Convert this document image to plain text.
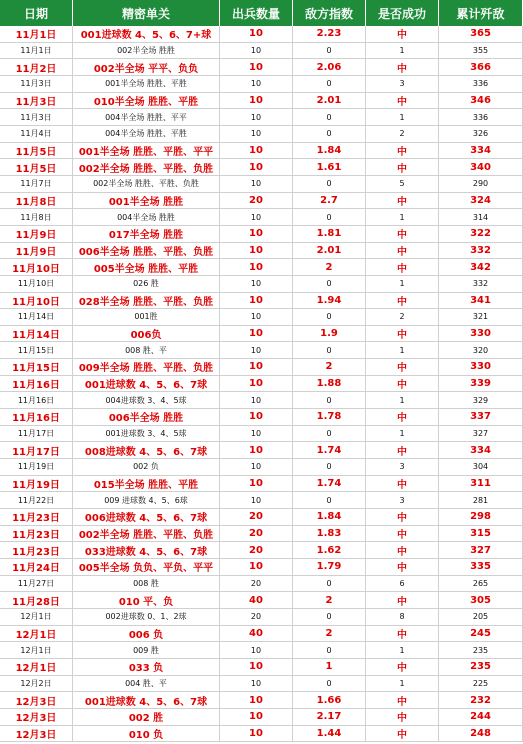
日期	精密单关	出兵数量	敌方指数	是否成功	累计歼敌
11月1日	001进球数 4、5、6、7+球	10	2.23	中	365
11月1日	002半全场 胜胜	10	0	1	355
11月2日	002半全场 平平、负负	10	2.06	中	366
11月3日	001半全场 胜胜、平胜	10	0	3	336
11月3日	010半全场 胜胜、平胜	10	2.01	中	346
11月3日	004半全场 胜胜、平平	10	0	1	336
11月4日	004半全场 胜胜、平胜	10	0	2	326
11月5日	001半全场 胜胜、平胜、平平	10	1.84	中	334
11月5日	002半全场 胜胜、平胜、负胜	10	1.61	中	340
11月7日	002半全场 胜胜、平胜、负胜	10	0	5	290
11月8日	001半全场 胜胜	20	2.7	中	324
11月8日	004半全场 胜胜	10	0	1	314
11月9日	017半全场 胜胜	10	1.81	中	322
11月9日	006半全场 胜胜、平胜、负胜	10	2.01	中	332
11月10日	005半全场 胜胜、平胜	10	2	中	342
11月10日	026 胜	10	0	1	332
11月10日	028半全场 胜胜、平胜、负胜	10	1.94	中	341
11月14日	001胜	10	0	2	321
11月14日	006负	10	1.9	中	330
11月15日	008 胜、平	10	0	1	320
11月15日	009半全场 胜胜、平胜、负胜	10	2	中	330
11月16日	001进球数 4、5、6、7球	10	1.88	中	339
11月16日	004进球数 3、4、5球	10	0	1	329
11月16日	006半全场 胜胜	10	1.78	中	337
11月17日	001进球数 3、4、5球	10	0	1	327
11月17日	008进球数 4、5、6、7球	10	1.74	中	334
11月19日	002 负	10	0	3	304
11月19日	015半全场 胜胜、平胜	10	1.74	中	311
11月22日	009 进球数 4、5、6球	10	0	3	281
11月23日	006进球数 4、5、6、7球	20	1.84	中	298
11月23日	002半全场 胜胜、平胜、负胜	20	1.83	中	315
11月23日	033进球数 4、5、6、7球	20	1.62	中	327
11月24日	005半全场 负负、平负、平平	10	1.79	中	335
11月27日	008 胜	20	0	6	265
11月28日	010 平、负	40	2	中	305
12月1日	002进球数 0、1、2球	20	0	8	205
12月1日	006 负	40	2	中	245
12月1日	009 胜	10	0	1	235
12月1日	033 负	10	1	中	235
12月2日	004 胜、平	10	0	1	225
12月3日	001进球数 4、5、6、7球	10	1.66	中	232
12月3日	002 胜	10	2.17	中	244
12月3日	010 负	10	1.44	中	248
